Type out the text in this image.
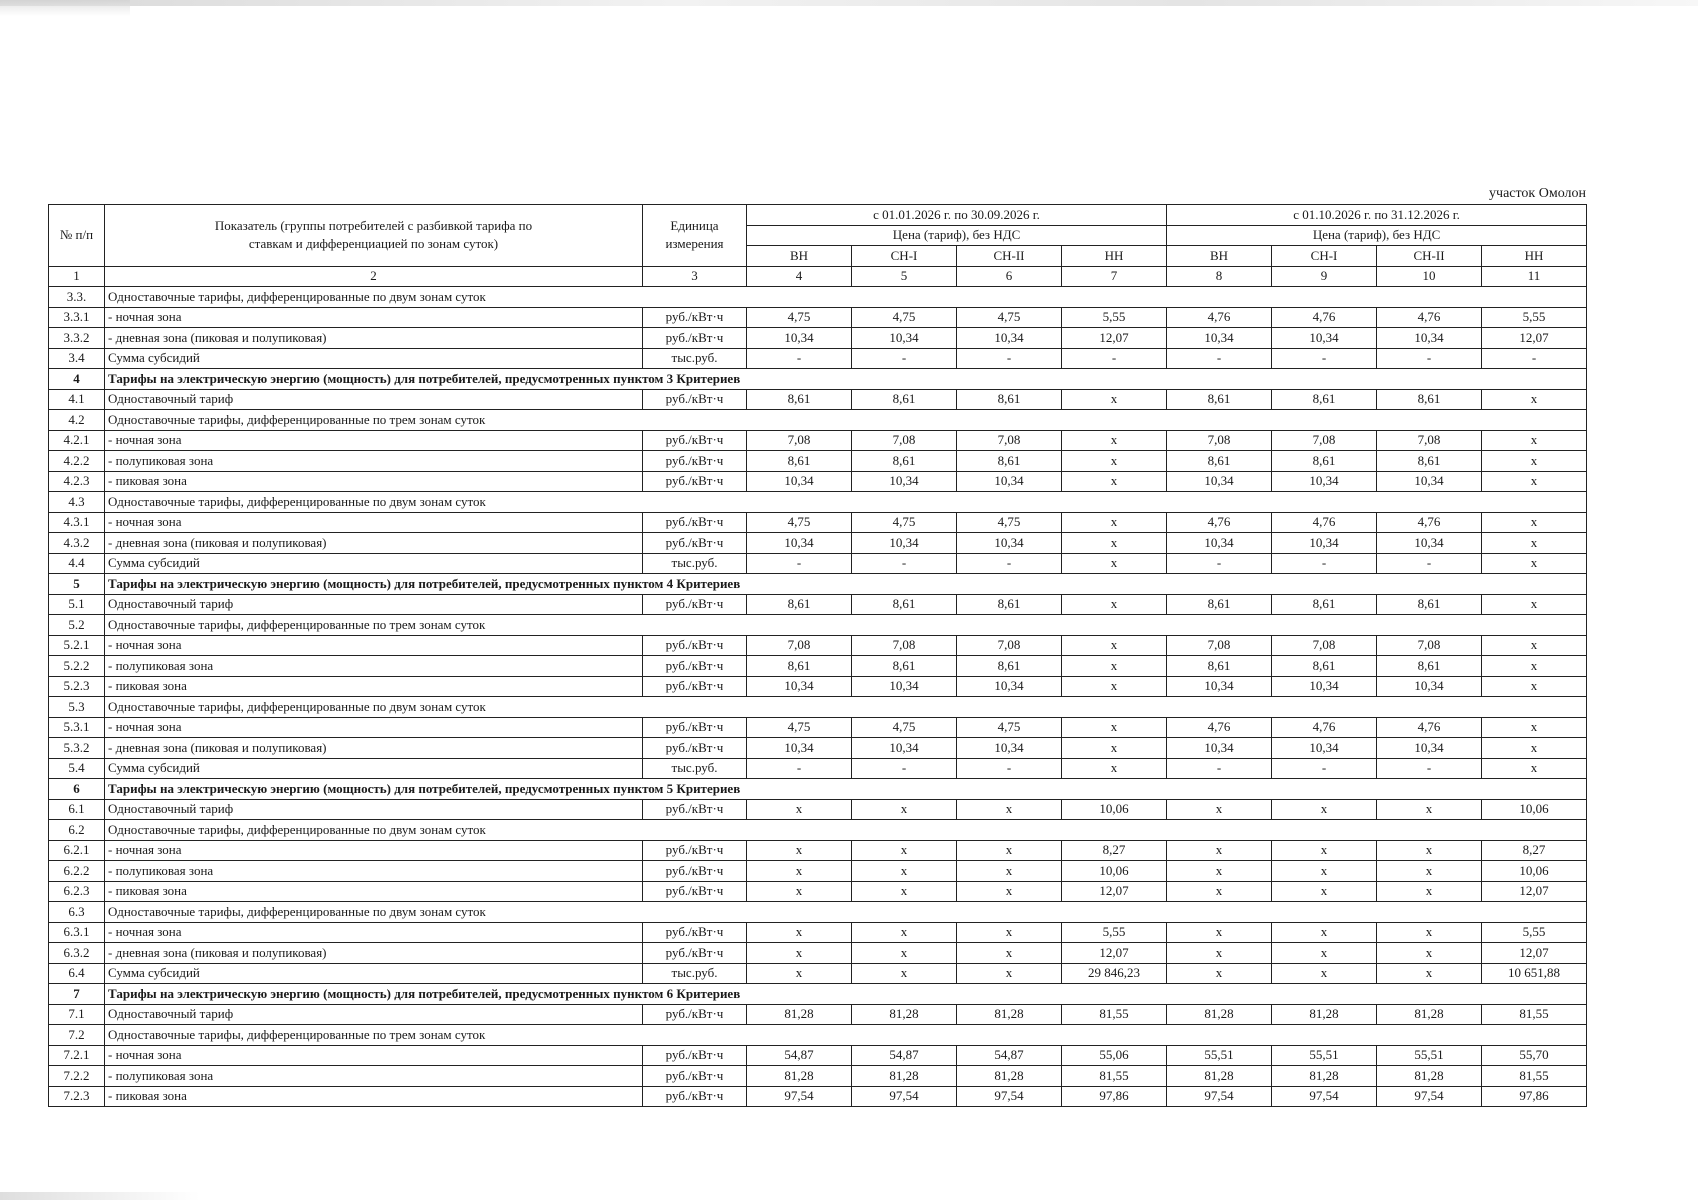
участок Омолон
№ п/п	Показатель (группы потребителей с разбивкой тарифа по ставкам и дифференциацией по зонам суток)	Единица измерения	с 01.01.2026 г. по 30.09.2026 г.				с 01.10.2026 г. по 31.12.2026 г.			
			Цена (тариф), без НДС				Цена (тариф), без НДС			
			ВН	СН-I	СН-II	НН	ВН	СН-I	СН-II	НН
1	2	3	4	5	6	7	8	9	10	11
3.3.	Одноставочные тарифы, дифференцированные по двум зонам суток									
3.3.1	- ночная зона	руб./кВт·ч	4,75	4,75	4,75	5,55	4,76	4,76	4,76	5,55
3.3.2	- дневная зона (пиковая и полупиковая)	руб./кВт·ч	10,34	10,34	10,34	12,07	10,34	10,34	10,34	12,07
3.4	Сумма субсидий	тыс.руб.	-	-	-	-	-	-	-	-
4	Тарифы на электрическую энергию (мощность) для потребителей, предусмотренных пунктом 3 Критериев									
4.1	Одноставочный тариф	руб./кВт·ч	8,61	8,61	8,61	x	8,61	8,61	8,61	x
4.2	Одноставочные тарифы, дифференцированные по трем зонам суток									
4.2.1	- ночная зона	руб./кВт·ч	7,08	7,08	7,08	x	7,08	7,08	7,08	x
4.2.2	- полупиковая зона	руб./кВт·ч	8,61	8,61	8,61	x	8,61	8,61	8,61	x
4.2.3	- пиковая зона	руб./кВт·ч	10,34	10,34	10,34	x	10,34	10,34	10,34	x
4.3	Одноставочные тарифы, дифференцированные по двум зонам суток									
4.3.1	- ночная зона	руб./кВт·ч	4,75	4,75	4,75	x	4,76	4,76	4,76	x
4.3.2	- дневная зона (пиковая и полупиковая)	руб./кВт·ч	10,34	10,34	10,34	x	10,34	10,34	10,34	x
4.4	Сумма субсидий	тыс.руб.	-	-	-	x	-	-	-	x
5	Тарифы на электрическую энергию (мощность) для потребителей, предусмотренных пунктом 4 Критериев									
5.1	Одноставочный тариф	руб./кВт·ч	8,61	8,61	8,61	x	8,61	8,61	8,61	x
5.2	Одноставочные тарифы, дифференцированные по трем зонам суток									
5.2.1	- ночная зона	руб./кВт·ч	7,08	7,08	7,08	x	7,08	7,08	7,08	x
5.2.2	- полупиковая зона	руб./кВт·ч	8,61	8,61	8,61	x	8,61	8,61	8,61	x
5.2.3	- пиковая зона	руб./кВт·ч	10,34	10,34	10,34	x	10,34	10,34	10,34	x
5.3	Одноставочные тарифы, дифференцированные по двум зонам суток									
5.3.1	- ночная зона	руб./кВт·ч	4,75	4,75	4,75	x	4,76	4,76	4,76	x
5.3.2	- дневная зона (пиковая и полупиковая)	руб./кВт·ч	10,34	10,34	10,34	x	10,34	10,34	10,34	x
5.4	Сумма субсидий	тыс.руб.	-	-	-	x	-	-	-	x
6	Тарифы на электрическую энергию (мощность) для потребителей, предусмотренных пунктом 5 Критериев									
6.1	Одноставочный тариф	руб./кВт·ч	x	x	x	10,06	x	x	x	10,06
6.2	Одноставочные тарифы, дифференцированные по двум зонам суток									
6.2.1	- ночная зона	руб./кВт·ч	x	x	x	8,27	x	x	x	8,27
6.2.2	- полупиковая зона	руб./кВт·ч	x	x	x	10,06	x	x	x	10,06
6.2.3	- пиковая зона	руб./кВт·ч	x	x	x	12,07	x	x	x	12,07
6.3	Одноставочные тарифы, дифференцированные по двум зонам суток									
6.3.1	- ночная зона	руб./кВт·ч	x	x	x	5,55	x	x	x	5,55
6.3.2	- дневная зона (пиковая и полупиковая)	руб./кВт·ч	x	x	x	12,07	x	x	x	12,07
6.4	Сумма субсидий	тыс.руб.	x	x	x	29 846,23	x	x	x	10 651,88
7	Тарифы на электрическую энергию (мощность) для потребителей, предусмотренных пунктом 6 Критериев									
7.1	Одноставочный тариф	руб./кВт·ч	81,28	81,28	81,28	81,55	81,28	81,28	81,28	81,55
7.2	Одноставочные тарифы, дифференцированные по трем зонам суток									
7.2.1	- ночная зона	руб./кВт·ч	54,87	54,87	54,87	55,06	55,51	55,51	55,51	55,70
7.2.2	- полупиковая зона	руб./кВт·ч	81,28	81,28	81,28	81,55	81,28	81,28	81,28	81,55
7.2.3	- пиковая зона	руб./кВт·ч	97,54	97,54	97,54	97,86	97,54	97,54	97,54	97,86
